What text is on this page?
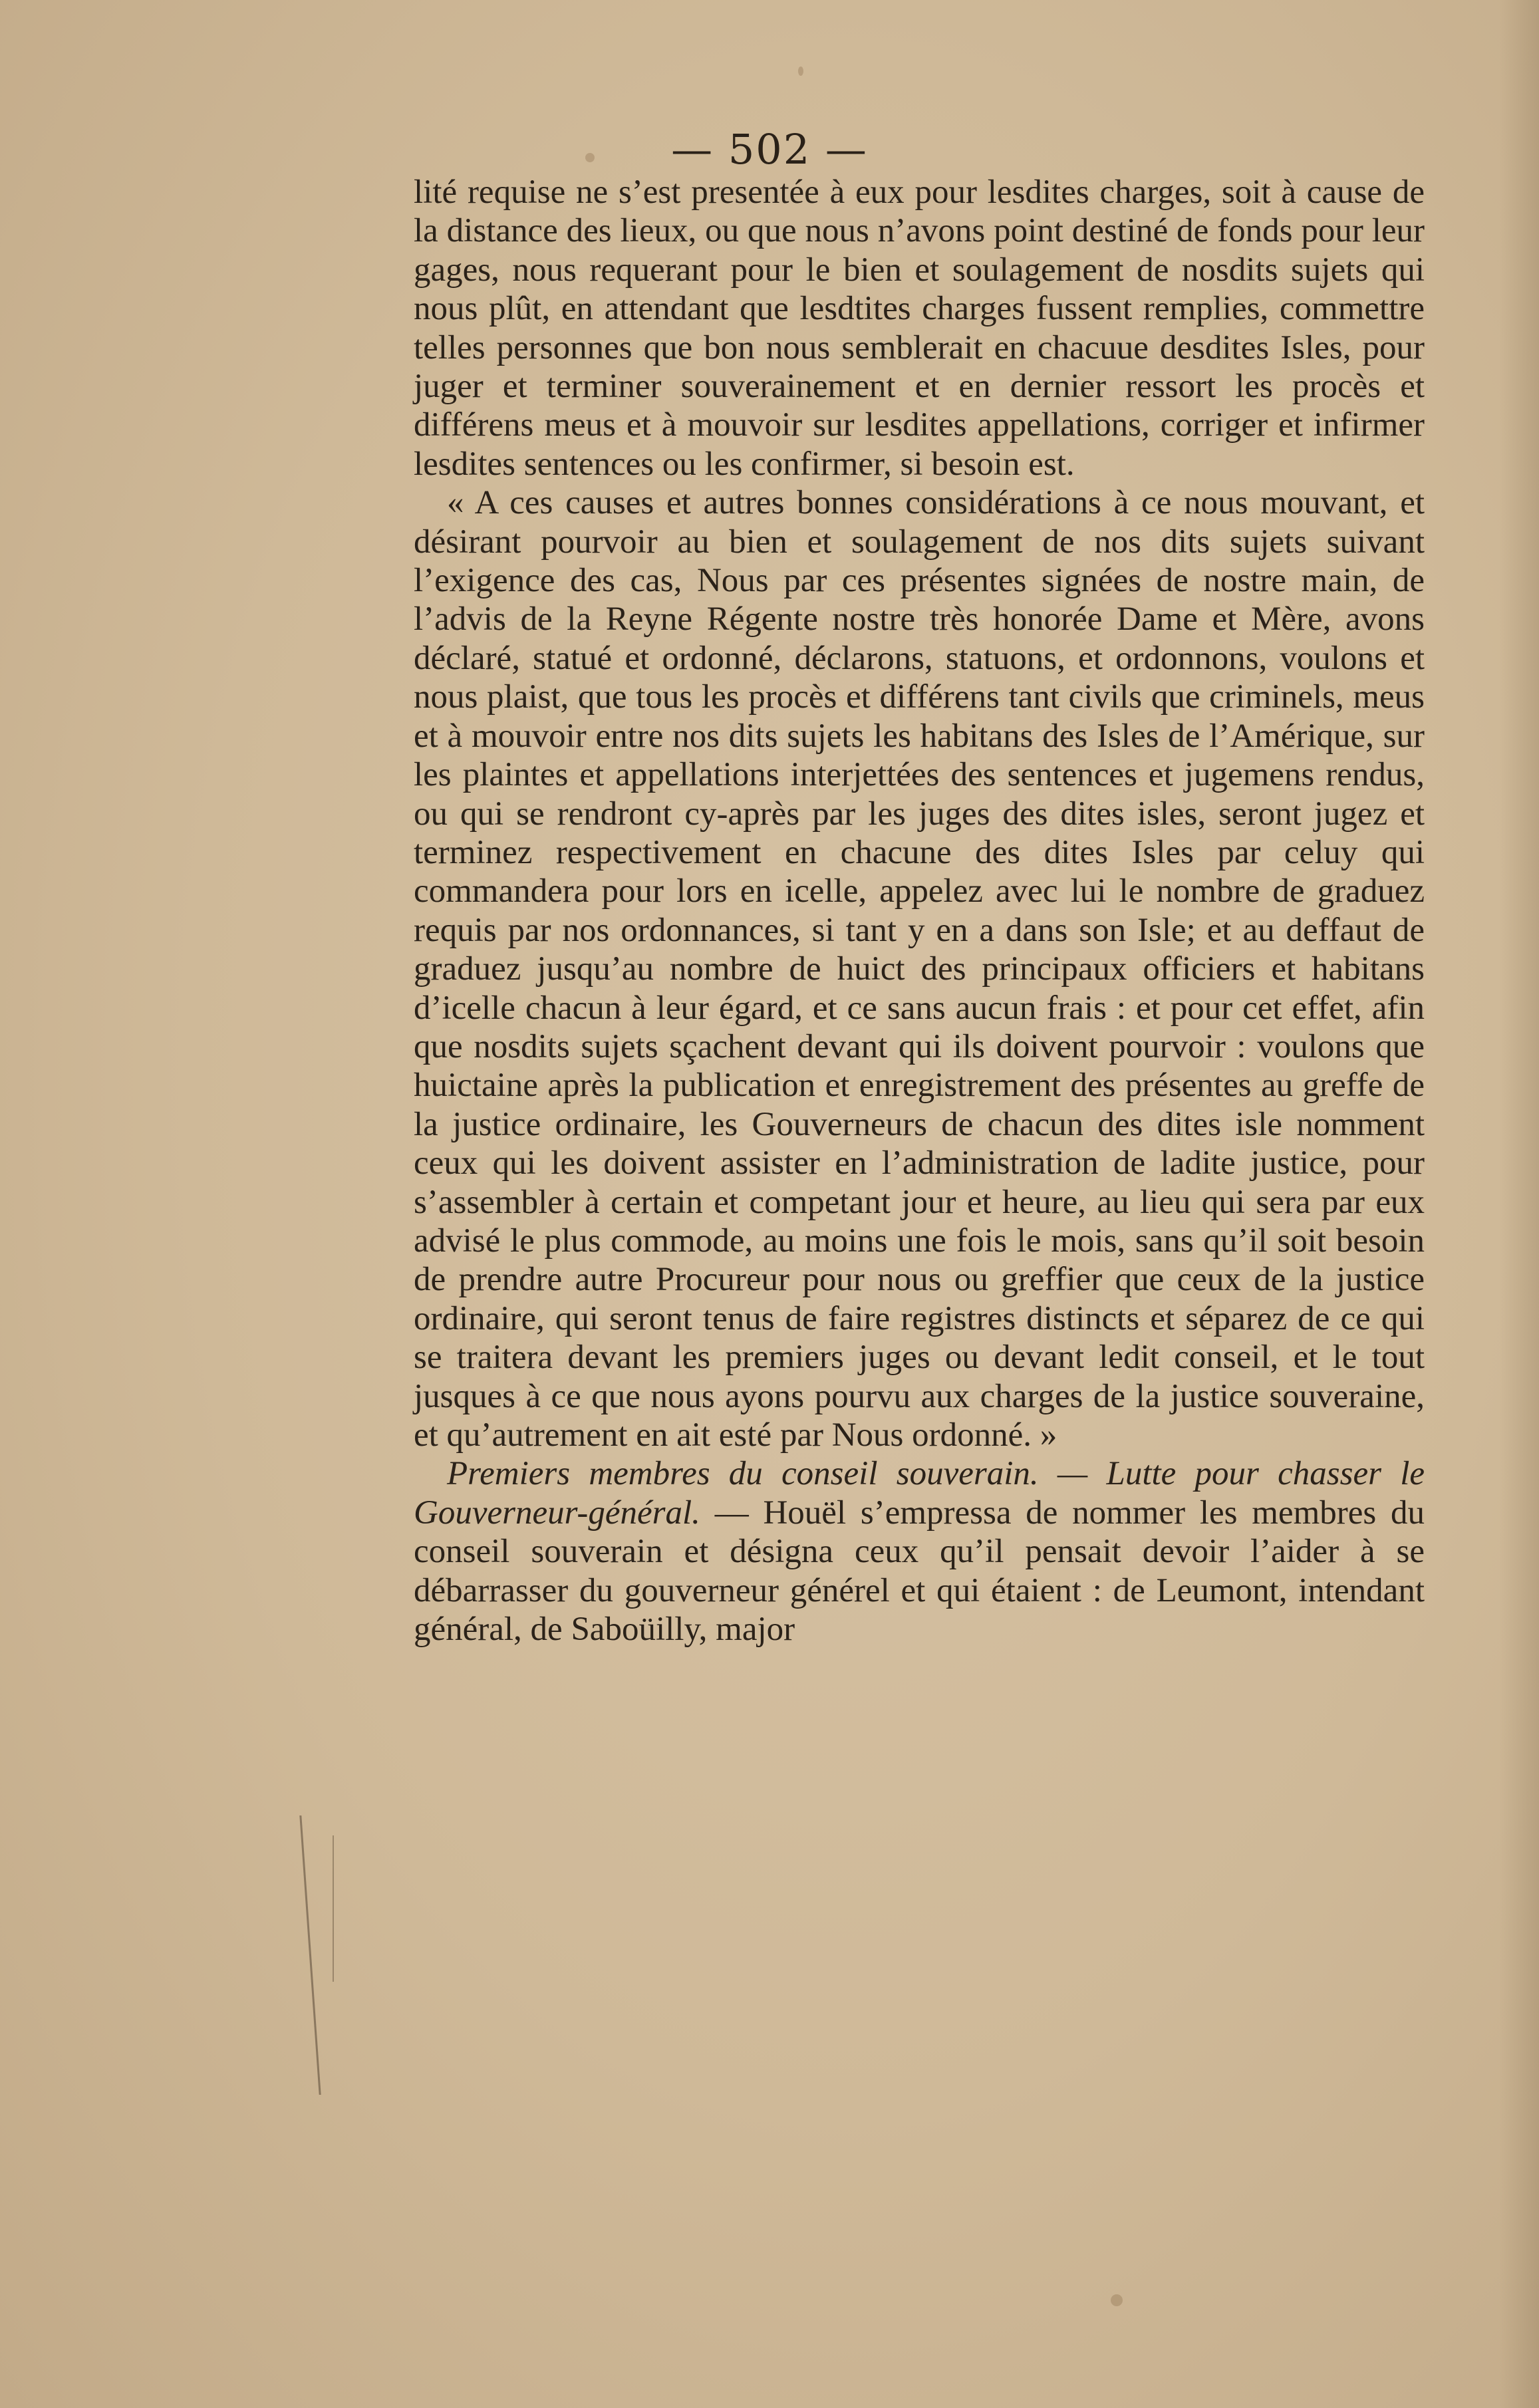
— 502 —

lité requise ne s’est presentée à eux pour lesdites charges, soit à cause de la distance des lieux, ou que nous n’avons point destiné de fonds pour leur gages, nous requerant pour le bien et soulagement de nosdits sujets qui nous plût, en attendant que lesdtites charges fussent remplies, commettre telles personnes que bon nous semblerait en chacuue desdites Isles, pour juger et terminer souverainement et en dernier ressort les procès et différens meus et à mouvoir sur lesdites appellations, corriger et infirmer lesdites sentences ou les confirmer, si besoin est.

« A ces causes et autres bonnes considérations à ce nous mouvant, et désirant pourvoir au bien et soulagement de nos dits sujets suivant l’exigence des cas, Nous par ces présentes signées de nostre main, de l’advis de la Reyne Régente nostre très honorée Dame et Mère, avons déclaré, statué et ordonné, déclarons, statuons, et ordonnons, voulons et nous plaist, que tous les procès et différens tant civils que criminels, meus et à mouvoir entre nos dits sujets les habitans des Isles de l’Amérique, sur les plaintes et appellations interjettées des sentences et jugemens rendus, ou qui se rendront cy-après par les juges des dites isles, seront jugez et terminez respectivement en chacune des dites Isles par celuy qui commandera pour lors en icelle, appelez avec lui le nombre de graduez requis par nos ordonnances, si tant y en a dans son Isle; et au deffaut de graduez jusqu’au nombre de huict des principaux officiers et habitans d’icelle chacun à leur égard, et ce sans aucun frais : et pour cet effet, afin que nosdits sujets sçachent devant qui ils doivent pourvoir : voulons que huictaine après la publication et enregistrement des présentes au greffe de la justice ordinaire, les Gouverneurs de chacun des dites isle nomment ceux qui les doivent assister en l’administration de ladite justice, pour s’assembler à certain et competant jour et heure, au lieu qui sera par eux advisé le plus commode, au moins une fois le mois, sans qu’il soit besoin de prendre autre Procureur pour nous ou greffier que ceux de la justice ordinaire, qui seront tenus de faire registres distincts et séparez de ce qui se traitera devant les premiers juges ou devant ledit conseil, et le tout jusques à ce que nous ayons pourvu aux charges de la justice souveraine, et qu’autrement en ait esté par Nous ordonné. »

Premiers membres du conseil souverain. — Lutte pour chasser le Gouverneur-général. — Houël s’empressa de nommer les membres du conseil souverain et désigna ceux qu’il pensait devoir l’aider à se débarrasser du gouverneur générel et qui étaient : de Leumont, intendant général, de Saboüilly, major
